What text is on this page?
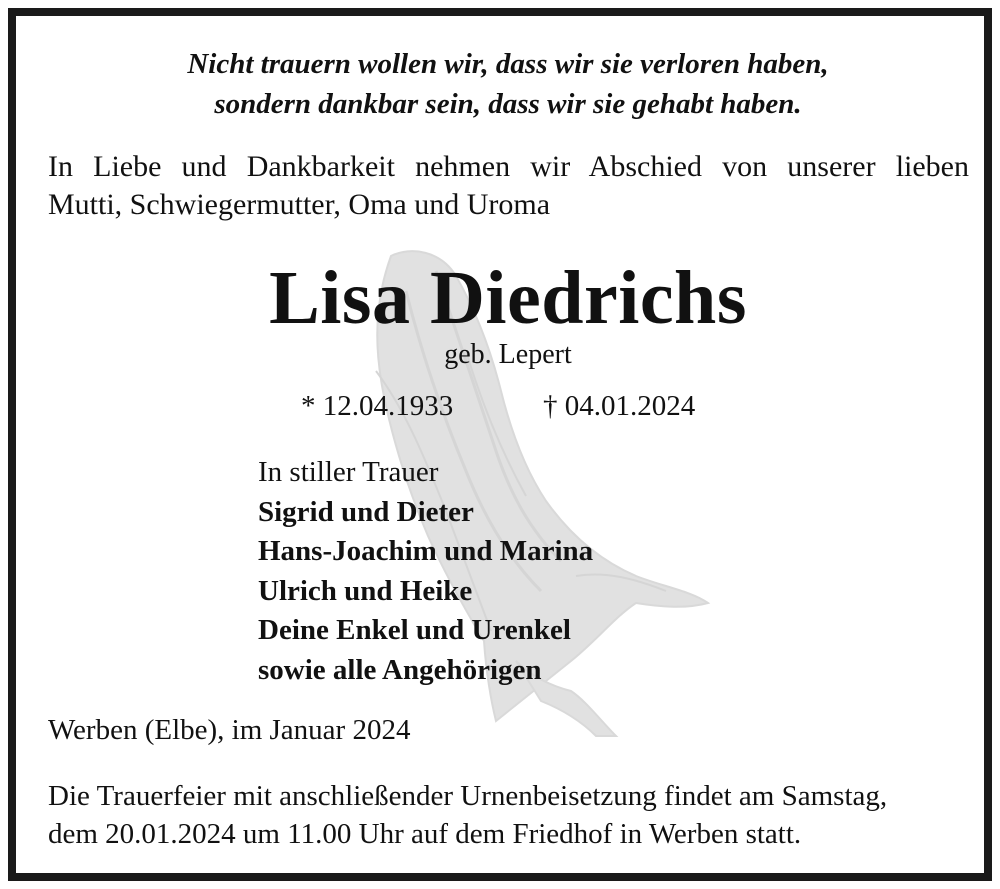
Nicht trauern wollen wir, dass wir sie verloren haben,
sondern dankbar sein, dass wir sie gehabt haben.
In Liebe und Dankbarkeit nehmen wir Abschied von unserer lieben
Mutti, Schwiegermutter, Oma und Uroma
Lisa Diedrichs
geb. Lepert
* 12.04.1933	† 04.01.2024
In stiller Trauer
Sigrid und Dieter
Hans-Joachim und Marina
Ulrich und Heike
Deine Enkel und Urenkel
sowie alle Angehörigen
Werben (Elbe), im Januar 2024
Die Trauerfeier mit anschließender Urnenbeisetzung findet am Samstag,
dem 20.01.2024 um 11.00 Uhr auf dem Friedhof in Werben statt.
